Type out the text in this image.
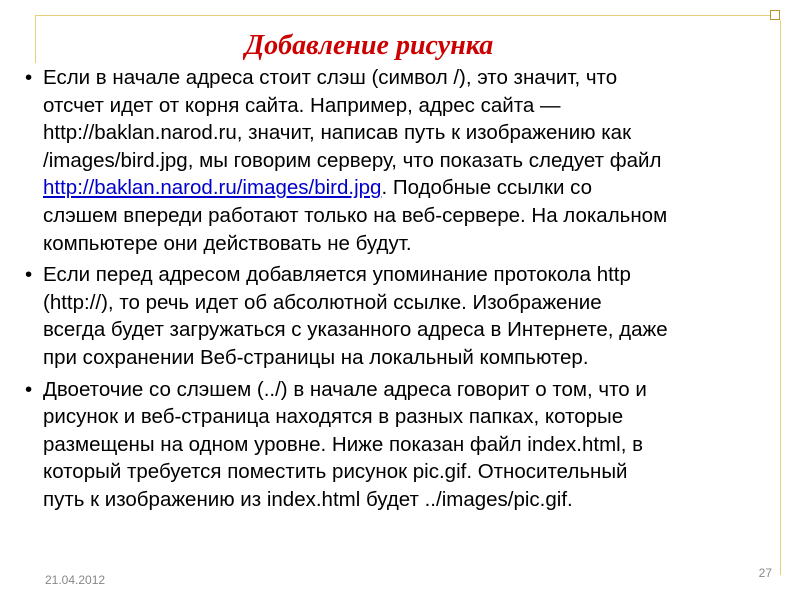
Добавление рисунка
• Если в начале адреса стоит слэш (символ /), это значит, что
отсчет идет от корня сайта. Например, адрес сайта —
http://baklan.narod.ru, значит, написав путь к изображению как
/images/bird.jpg, мы говорим серверу, что показать следует файл
http://baklan.narod.ru/images/bird.jpg. Подобные ссылки со
слэшем впереди работают только на веб-сервере. На локальном
компьютере они действовать не будут.
• Если перед адресом добавляется упоминание протокола http
(http://), то речь идет об абсолютной ссылке. Изображение
всегда будет загружаться с указанного адреса в Интернете, даже
при сохранении Веб-страницы на локальный компьютер.
• Двоеточие со слэшем (../) в начале адреса говорит о том, что и
рисунок и веб-страница находятся в разных папках, которые
размещены на одном уровне. Ниже показан файл index.html, в
который требуется поместить рисунок pic.gif. Относительный
путь к изображению из index.html будет ../images/pic.gif.
21.04.2012	27
